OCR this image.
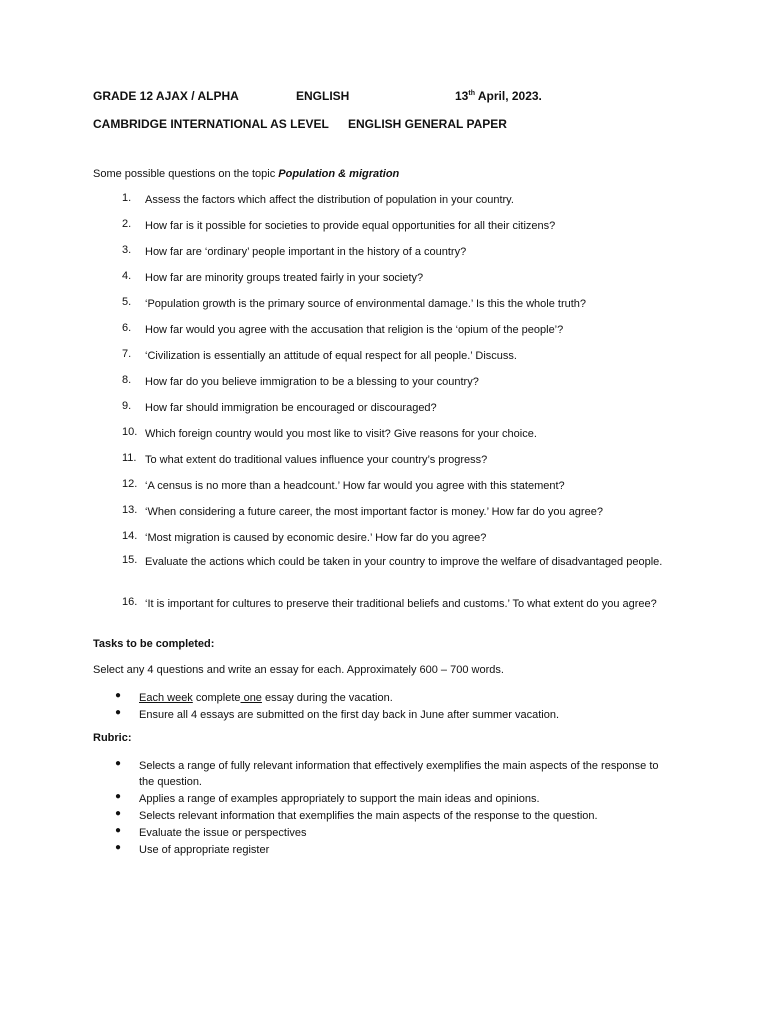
GRADE 12 AJAX / ALPHA	ENGLISH	13th April, 2023.
CAMBRIDGE INTERNATIONAL AS LEVEL ENGLISH GENERAL PAPER
Some possible questions on the topic Population & migration
1. Assess the factors which affect the distribution of population in your country.
2. How far is it possible for societies to provide equal opportunities for all their citizens?
3. How far are ‘ordinary’ people important in the history of a country?
4. How far are minority groups treated fairly in your society?
5. ‘Population growth is the primary source of environmental damage.’ Is this the whole truth?
6. How far would you agree with the accusation that religion is the ‘opium of the people’?
7. ‘Civilization is essentially an attitude of equal respect for all people.’ Discuss.
8. How far do you believe immigration to be a blessing to your country?
9. How far should immigration be encouraged or discouraged?
10. Which foreign country would you most like to visit? Give reasons for your choice.
11. To what extent do traditional values influence your country’s progress?
12. ‘A census is no more than a headcount.’ How far would you agree with this statement?
13. ‘When considering a future career, the most important factor is money.’ How far do you agree?
14. ‘Most migration is caused by economic desire.’ How far do you agree?
15. Evaluate the actions which could be taken in your country to improve the welfare of disadvantaged people.
16. ‘It is important for cultures to preserve their traditional beliefs and customs.’ To what extent do you agree?
Tasks to be completed:
Select any 4 questions and write an essay for each. Approximately 600 – 700 words.
● Each week complete one essay during the vacation.
● Ensure all 4 essays are submitted on the first day back in June after summer vacation.
Rubric:
● Selects a range of fully relevant information that effectively exemplifies the main aspects of the response to the question.
● Applies a range of examples appropriately to support the main ideas and opinions.
● Selects relevant information that exemplifies the main aspects of the response to the question.
● Evaluate the issue or perspectives
● Use of appropriate register
